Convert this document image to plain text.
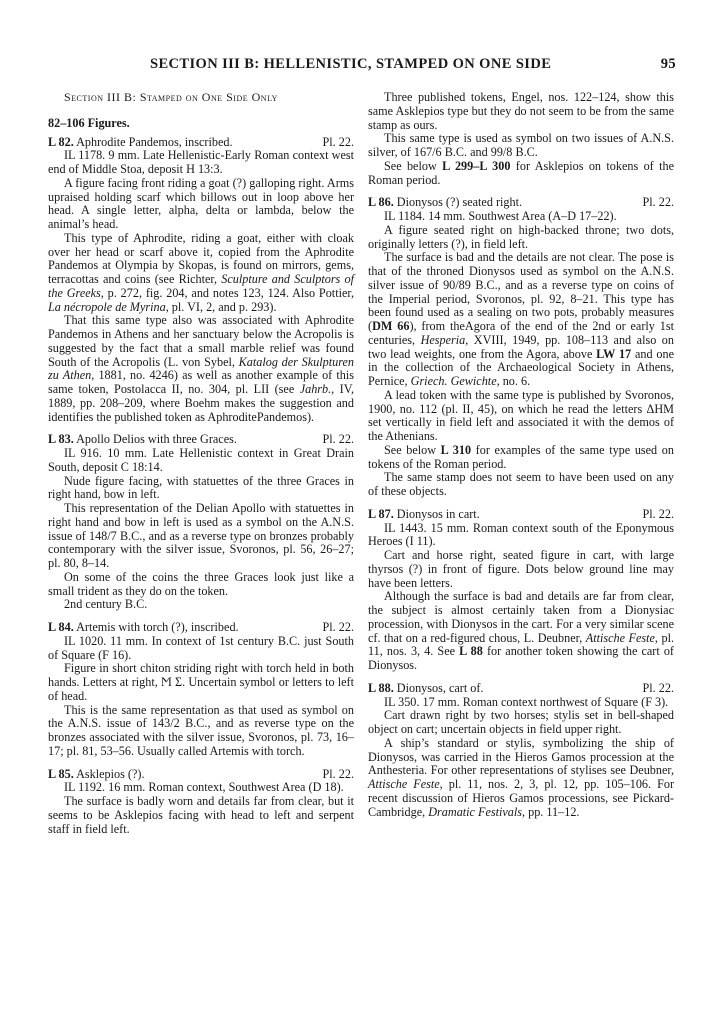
SECTION III B: HELLENISTIC, STAMPED ON ONE SIDE	95

Section III B: Stamped on One Side Only

82–106 Figures.

L 82. Aphrodite Pandemos, inscribed.	Pl. 22.

IL 1178. 9 mm. Late Hellenistic-Early Roman context west end of Middle Stoa, deposit H 13:3.

A figure facing front riding a goat (?) galloping right. Arms upraised holding scarf which billows out in loop above her head. A single letter, alpha, delta or lambda, below the animal’s head.

This type of Aphrodite, riding a goat, either with cloak over her head or scarf above it, copied from the Aphrodite Pandemos at Olympia by Skopas, is found on mirrors, gems, terracottas and coins (see Richter, Sculpture and Sculptors of the Greeks, p. 272, fig. 204, and notes 123, 124. Also Pottier, La nécropole de Myrina, pl. VI, 2, and p. 293).

That this same type also was associated with Aphrodite Pandemos in Athens and her sanctuary below the Acropolis is suggested by the fact that a small marble relief was found South of the Acropolis (L. von Sybel, Katalog der Skulpturen zu Athen, 1881, no. 4246) as well as another example of this same token, Postolacca II, no. 304, pl. LII (see Jahrb., IV, 1889, pp. 208–209, where Boehm makes the suggestion and identifies the published token as AphroditePandemos).

L 83. Apollo Delios with three Graces.	Pl. 22.

IL 916. 10 mm. Late Hellenistic context in Great Drain South, deposit C 18:14.

Nude figure facing, with statuettes of the three Graces in right hand, bow in left.

This representation of the Delian Apollo with statuettes in right hand and bow in left is used as a symbol on the A.N.S. issue of 148/7 B.C., and as a reverse type on bronzes probably contemporary with the silver issue, Svoronos, pl. 56, 26–27; pl. 80, 8–14.

On some of the coins the three Graces look just like a small trident as they do on the token.

2nd century B.C.

L 84. Artemis with torch (?), inscribed.	Pl. 22.

IL 1020. 11 mm. In context of 1st century B.C. just South of Square (F 16).

Figure in short chiton striding right with torch held in both hands. Letters at right, Ϻ Σ. Uncertain symbol or letters to left of head.

This is the same representation as that used as symbol on the A.N.S. issue of 143/2 B.C., and as reverse type on the bronzes associated with the silver issue, Svoronos, pl. 73, 16–17; pl. 81, 53–56. Usually called Artemis with torch.

L 85. Asklepios (?).	Pl. 22.

IL 1192. 16 mm. Roman context, Southwest Area (D 18).

The surface is badly worn and details far from clear, but it seems to be Asklepios facing with head to left and serpent staff in field left.

Three published tokens, Engel, nos. 122–124, show this same Asklepios type but they do not seem to be from the same stamp as ours.

This same type is used as symbol on two issues of A.N.S. silver, of 167/6 B.C. and 99/8 B.C.

See below L 299–L 300 for Asklepios on tokens of the Roman period.

L 86. Dionysos (?) seated right.	Pl. 22.

IL 1184. 14 mm. Southwest Area (A–D 17–22).

A figure seated right on high-backed throne; two dots, originally letters (?), in field left.

The surface is bad and the details are not clear. The pose is that of the throned Dionysos used as symbol on the A.N.S. silver issue of 90/89 B.C., and as a reverse type on coins of the Imperial period, Svoronos, pl. 92, 8–21. This type has been found used as a sealing on two pots, probably measures (DM 66), from theAgora of the end of the 2nd or early 1st centuries, Hesperia, XVIII, 1949, pp. 108–113 and also on two lead weights, one from the Agora, above LW 17 and one in the collection of the Archaeological Society in Athens, Pernice, Griech. Gewichte, no. 6.

A lead token with the same type is published by Svoronos, 1900, no. 112 (pl. II, 45), on which he read the letters ΔHM set vertically in field left and associated it with the demos of the Athenians.

See below L 310 for examples of the same type used on tokens of the Roman period.

The same stamp does not seem to have been used on any of these objects.

L 87. Dionysos in cart.	Pl. 22.

IL 1443. 15 mm. Roman context south of the Eponymous Heroes (I 11).

Cart and horse right, seated figure in cart, with large thyrsos (?) in front of figure. Dots below ground line may have been letters.

Although the surface is bad and details are far from clear, the subject is almost certainly taken from a Dionysiac procession, with Dionysos in the cart. For a very similar scene cf. that on a red-figured chous, L. Deubner, Attische Feste, pl. 11, nos. 3, 4. See L 88 for another token showing the cart of Dionysos.

L 88. Dionysos, cart of.	Pl. 22.

IL 350. 17 mm. Roman context northwest of Square (F 3).

Cart drawn right by two horses; stylis set in bell-shaped object on cart; uncertain objects in field upper right.

A ship’s standard or stylis, symbolizing the ship of Dionysos, was carried in the Hieros Gamos procession at the Anthesteria. For other representations of stylises see Deubner, Attische Feste, pl. 11, nos. 2, 3, pl. 12, pp. 105–106. For recent discussion of Hieros Gamos processions, see Pickard-Cambridge, Dramatic Festivals, pp. 11–12.
